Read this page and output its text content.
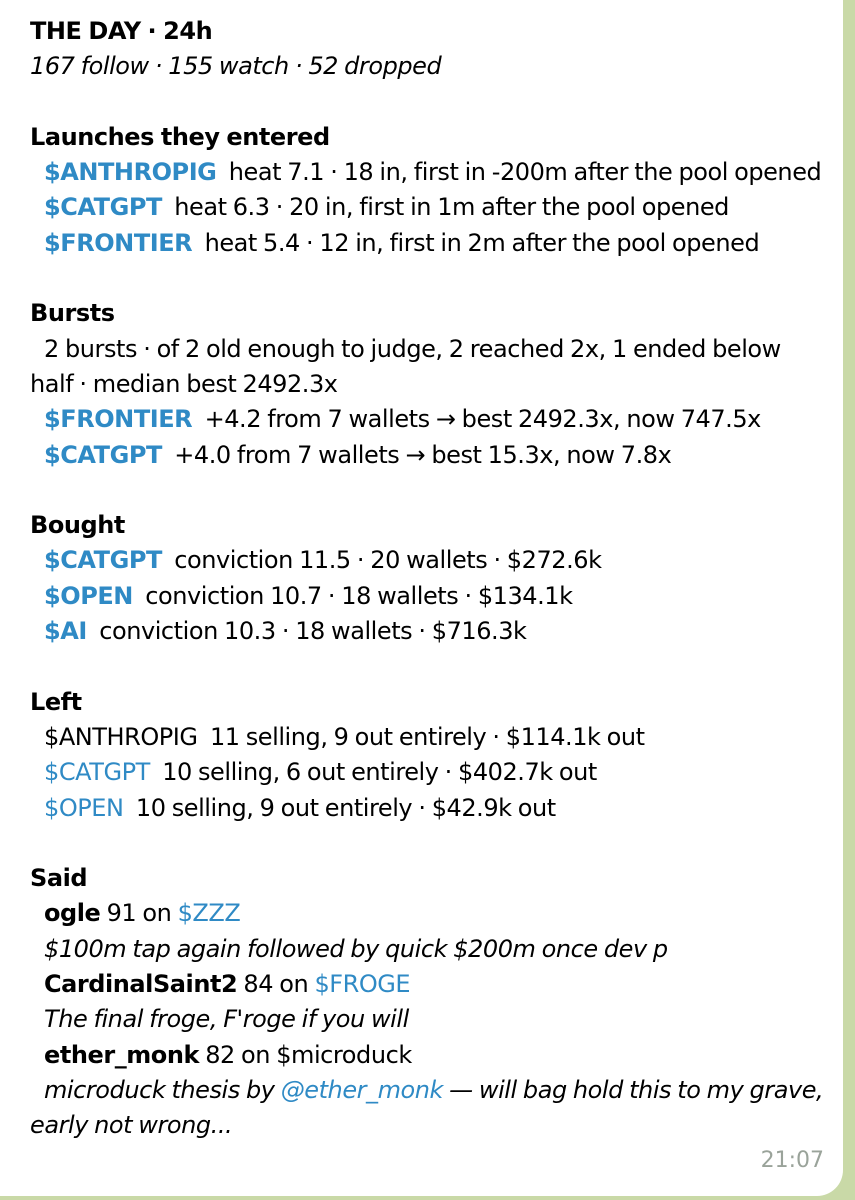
THE DAY · 24h
167 follow · 155 watch · 52 dropped
Launches they entered
$ANTHROPIG heat 7.1 · 18 in, first in -200m after the pool opened
$CATGPT heat 6.3 · 20 in, first in 1m after the pool opened
$FRONTIER heat 5.4 · 12 in, first in 2m after the pool opened
Bursts
2 bursts · of 2 old enough to judge, 2 reached 2x, 1 ended below half · median best 2492.3x
$FRONTIER +4.2 from 7 wallets → best 2492.3x, now 747.5x
$CATGPT +4.0 from 7 wallets → best 15.3x, now 7.8x
Bought
$CATGPT conviction 11.5 · 20 wallets · $272.6k
$OPEN conviction 10.7 · 18 wallets · $134.1k
$AI conviction 10.3 · 18 wallets · $716.3k
Left
$ANTHROPIG 11 selling, 9 out entirely · $114.1k out
$CATGPT 10 selling, 6 out entirely · $402.7k out
$OPEN 10 selling, 9 out entirely · $42.9k out
Said
ogle 91 on $ZZZ
$100m tap again followed by quick $200m once dev p
CardinalSaint2 84 on $FROGE
The final froge, F'roge if you will
ether_monk 82 on $microduck
microduck thesis by @ether_monk — will bag hold this to my grave, early not wrong...
21:07
